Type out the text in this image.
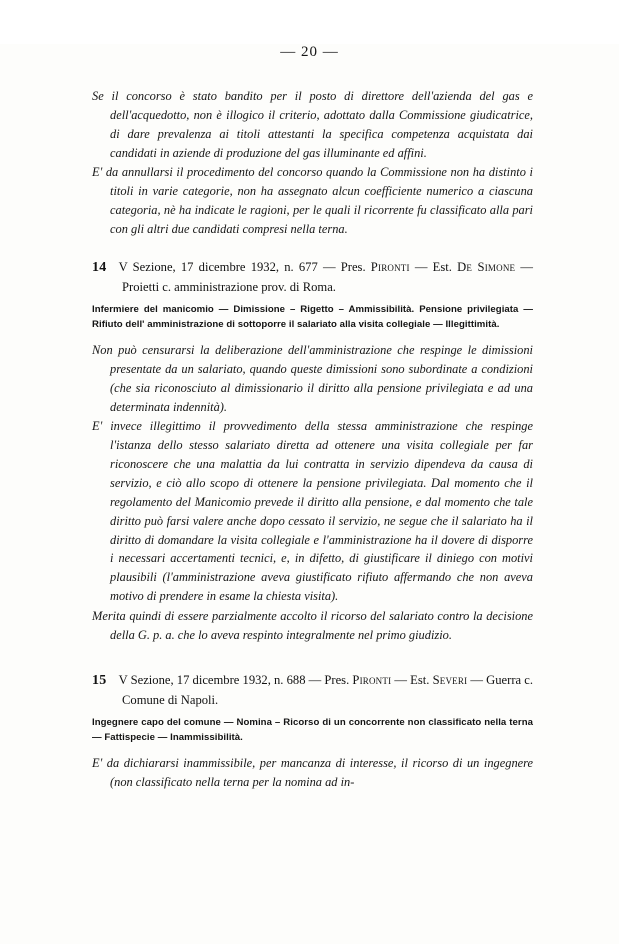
— 20 —

Se il concorso è stato bandito per il posto di direttore dell'azienda del gas e dell'acquedotto, non è illogico il criterio, adottato dalla Commissione giudicatrice, di dare prevalenza ai titoli attestanti la specifica competenza acquistata dai candidati in aziende di produzione del gas illuminante ed affini.

E' da annullarsi il procedimento del concorso quando la Commissione non ha distinto i titoli in varie categorie, non ha assegnato alcun coefficiente numerico a ciascuna categoria, nè ha indicate le ragioni, per le quali il ricorrente fu classificato alla pari con gli altri due candidati compresi nella terna.

14 V Sezione, 17 dicembre 1932, n. 677 — Pres. Pironti — Est. De Simone — Proietti c. amministrazione prov. di Roma.
Infermiere del manicomio — Dimissione – Rigetto – Ammissibilità. Pensione privilegiata — Rifiuto dell' amministrazione di sottoporre il salariato alla visita collegiale — Illegittimità.

Non può censurarsi la deliberazione dell'amministrazione che respinge le dimissioni presentate da un salariato, quando queste dimissioni sono subordinate a condizioni (che sia riconosciuto al dimissionario il diritto alla pensione privilegiata e ad una determinata indennità).

E' invece illegittimo il provvedimento della stessa amministrazione che respinge l'istanza dello stesso salariato diretta ad ottenere una visita collegiale per far riconoscere che una malattia da lui contratta in servizio dipendeva da causa di servizio, e ciò allo scopo di ottenere la pensione privilegiata. Dal momento che il regolamento del Manicomio prevede il diritto alla pensione, e dal momento che tale diritto può farsi valere anche dopo cessato il servizio, ne segue che il salariato ha il diritto di domandare la visita collegiale e l'amministrazione ha il dovere di disporre i necessari accertamenti tecnici, e, in difetto, di giustificare il diniego con motivi plausibili (l'amministrazione aveva giustificato rifiuto affermando che non aveva motivo di prendere in esame la chiesta visita).

Merita quindi di essere parzialmente accolto il ricorso del salariato contro la decisione della G. p. a. che lo aveva respinto integralmente nel primo giudizio.

15 V Sezione, 17 dicembre 1932, n. 688 — Pres. Pironti — Est. Severi — Guerra c. Comune di Napoli.
Ingegnere capo del comune — Nomina – Ricorso di un concorrente non classificato nella terna — Fattispecie — Inammissibilità.

E' da dichiararsi inammissibile, per mancanza di interesse, il ricorso di un ingegnere (non classificato nella terna per la nomina ad in-
